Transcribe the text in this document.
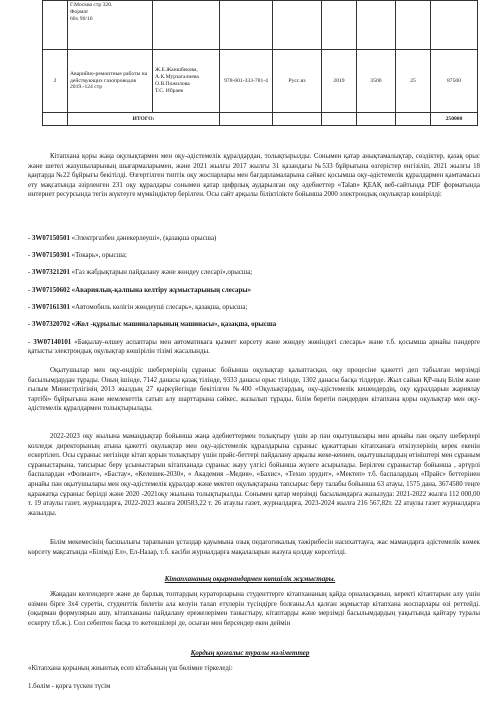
	Г.Москва стр 320.
Формат
60х 90/16							

2	Аварийно-ремонтные работы на действующих газопроводов 2019.-124 стр	Ж.Е.Жаншбекова,
А.К.Мурзагалиева
О.В.Пожилова
Т.С. Ибраев	978-601-333-781-4	Русс.яз	2019	3500	25	87500
	ИТОГО:							250000
Кітапхана қоры жаңа оқулықтармен мен оқу-әдістемелік құралдардан, толықтырылды. Сонымен қатар анықтамалықтар, сөздіктер, қазақ орыс және шетел жазушыларының шығармаларымен, және 2021 жылғы 2017 жылғы 31 қазандағы №533 бұйрығына өзгерістер енгізіліп, 2021 жылғы 18 қаңтарда №22 бұйрығы бекітілді. Өзгертілген типтік оқу жоспарлары мен бағдарламаларына сәйкес қосымша оқу-әдістемелік құралдармен қамтамасыз ету мақсатында әзірленген 231 оқу құралдары сонымен қатар цифрлық аударылған оқу әдебиеттер «Talan» ҚЕАҚ веб-сайтында PDF форматында интернет ресурсында тегін жүктеуге мүмкіндіктер берілген. Осы сайт арқылы біліктілікте бойынша 2000 электрондық оқулықтар көшірілді:
- 3W07150501 «Электргазбен дәнекерлеуші», (қазақша орысша)
- 3W07150301 «Токарь», орысша;
- 3W07321201 «Газ жабдықтарын пайдалану және жөндеу слесарі»,орысша;
- 3W07150602 «Авариялық-қалпына келтіру жұмыстарының слесары»
- 3W07161301 «Автомобиль көлігін жөндеуші слесарь», қазақша, орысша;
- 3W07320702 «Жол -құрылыс машиналарының машинасы», қазақша, орысша
- 3W07140101 «Бақылау-өлшеу аспаптары мен автоматикаға қызмет көрсету және жөндеу жөніндегі слесарь» және т.б. қосымша арнайы пәндерге қатысты электрондық оқулықтар көшірілін тізімі жасалынды.
Оқытушылар мен оқу-өндіріс шеберлерінің сұраныс бойынша оқулықтар қалыптасқан, оқу процесіне қажетті деп табылған мерзімді басылымдардан тұрады. Оның ішінде, 7142 данасы қазақ тілінде, 9333 данасы орыс тілінде, 1302 данасы басқа тілдерде. Жыл сайын ҚР-ның Білім және ғылым Министрлігінің 2013 жылдың 27 қыркүйегінде бекітілген №400 «Оқулықтардың, оқу-әдістемелік кешендердің, оқу құралдарын жариялау тәртібі» бұйрығына және мемлекеттік сатып алу шарттарына сәйкес, жазылып тұрады, білім беретін пәндерден кітапхана қоры оқулықтар мен оқу-әдістемелік құралдармен толықтырылады.
2022-2023 оқу жылына мамандықтар бойынша жаңа әдебиеттермен толықтыру үшін әр пән оқытушылары мен арнайы пән оқыту шеберлері колледж директорының атына қажетті оқулықтар мен оқу-әдістемелік құралдарына сұраныс құжаттарын кітапханаға өткізулерінің керек екенін ескертілеп. Осы сұраныс негізінде кітап қорын толықтыру үшін прайс-беттері пайдалану арқылы жеке-кеннен, оқытушылардың өтініштері мен сұраным сұраныстарына, тапсырыс беру ұсыныстарын кітапханада сұраныс жауу үлгісі бойынша жүзеге асырылады. Берілген сұраныстар бойынша , әртүрлі баспалардан «Фолиант», «Бастау», «Келешек-2030», « Академия –Медия», «Бахис», «Техно эрудит», «Мектеп» т.б. баспалардың «Прайс» беттерінен арнайы пән оқытушылары мен оқу-әдістемелік құралдар және мектеп оқулықтарына тапсырыс беру талабы бойынша 63 атауы, 1575 дана, 3674580 теңге қаражатқа сұраныс берілді және 2020 -2021оқу жылына толықтырылды. Сонымен қатар мерзімді басылымдарға жазылуда: 2021-2022 жылға 112 000,00 т. 19 атаулы газет, журналдарға, 2022-2023 жылға 200583,22 т. 26 атаулы газет, журналдарға, 2023-2024 жылға 216 567,82т. 22 атаулы газет журналдарға жазылды.
Білім мекемесінің басшылығы тарапынан ұстаздар қауымына озық педагогикалық тәжірибесін насихаттауға, жас мамандарға әдістемелік көмек көрсету мақсатында «Білімді Ел», Ел-Назар, т.б. кәсіби журналдарға мақалаларын жазуға қолдау көрсетілді.
Кітапхананың оқырмандармен көпшілік жұмыстары.
Жаңадан келгендерге және де барлық топтардың кураторларына студенттерге кітапхананың қайда орналасқанын, керекті кітаптарын алу үшін өзімен бірге 3х4 суретін, студенттік билетін ала келуін талап етулерін түсіндірге болғаны.Ал қалған жұмыстар кітапхана жоспарлары өзі реттейді. (оқырман формулярын ашу, кітапхананы пайдалану ережелерімен таныстыру, кітаптарды және мерзімді басылымдардың уақытында қайтару туралы ескерту т.б.ж.). Сол себептен басқа то жетекшілері де, осыған мен берсендер екен деймін
Қордың қозғалыс туралы мәліметтер
«Кітапхана қорының жиынтық есеп кітабының үш бөлімне тіркеледі:
1.бөлім - қорға түскен түсім
